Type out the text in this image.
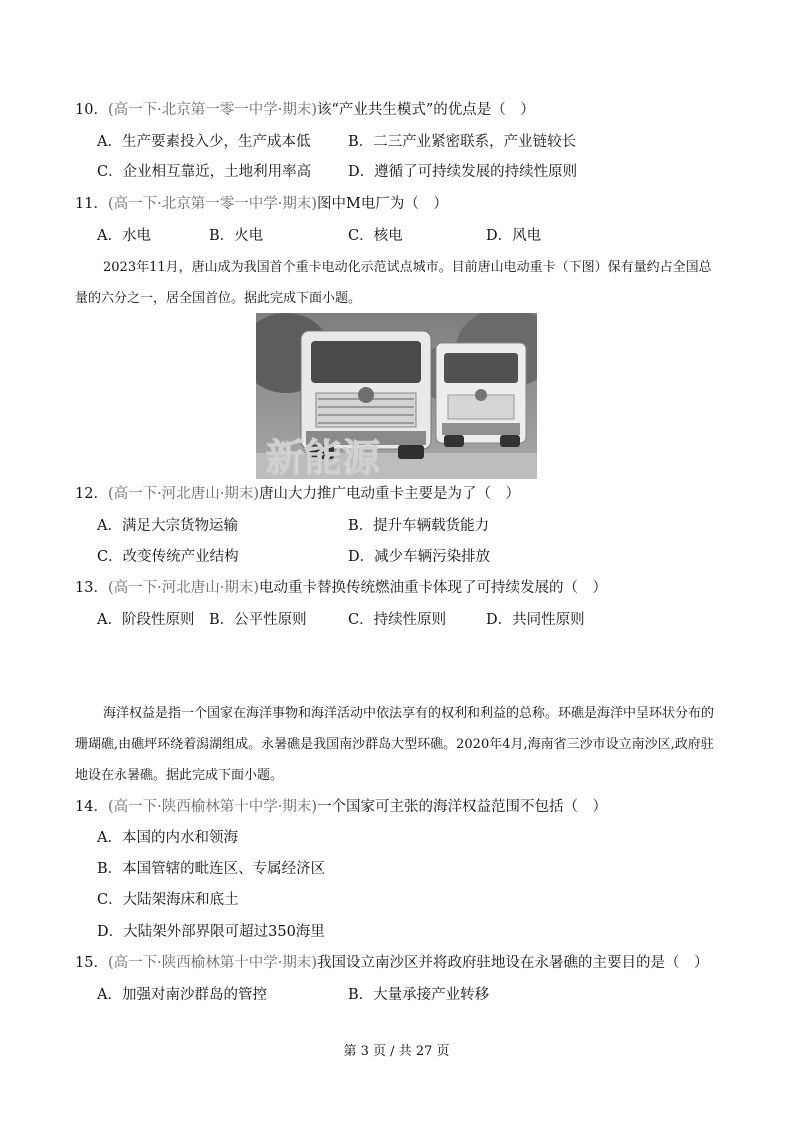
10．(高一下·北京第一零一中学·期末)该“产业共生模式”的优点是（　）
A．生产要素投入少，生产成本低	B．二三产业紧密联系，产业链较长
C．企业相互靠近，土地利用率高	D．遵循了可持续发展的持续性原则
11．(高一下·北京第一零一中学·期末)图中M电厂为（　）
A．水电	B．火电	C．核电	D．风电

2023年11月，唐山成为我国首个重卡电动化示范试点城市。目前唐山电动重卡（下图）保有量约占全国总量的六分之一，居全国首位。据此完成下面小题。

新能源
12．(高一下·河北唐山·期末)唐山大力推广电动重卡主要是为了（　）
A．满足大宗货物运输	B．提升车辆载货能力
C．改变传统产业结构	D．减少车辆污染排放
13．(高一下·河北唐山·期末)电动重卡替换传统燃油重卡体现了可持续发展的（　）
A．阶段性原则 B．公平性原则	C．持续性原则	D．共同性原则

海洋权益是指一个国家在海洋事物和海洋活动中依法享有的权利和利益的总称。环礁是海洋中呈环状分布的珊瑚礁,由礁坪环绕着潟湖组成。永暑礁是我国南沙群岛大型环礁。2020年4月,海南省三沙市设立南沙区,政府驻地设在永暑礁。据此完成下面小题。

14．(高一下·陕西榆林第十中学·期末)一个国家可主张的海洋权益范围不包括（　）
A．本国的内水和领海
B．本国管辖的毗连区、专属经济区
C．大陆架海床和底土
D．大陆架外部界限可超过350海里
15．(高一下·陕西榆林第十中学·期末)我国设立南沙区并将政府驻地设在永暑礁的主要目的是（　）
A．加强对南沙群岛的管控	B．大量承接产业转移
第 3 页 / 共 27 页
